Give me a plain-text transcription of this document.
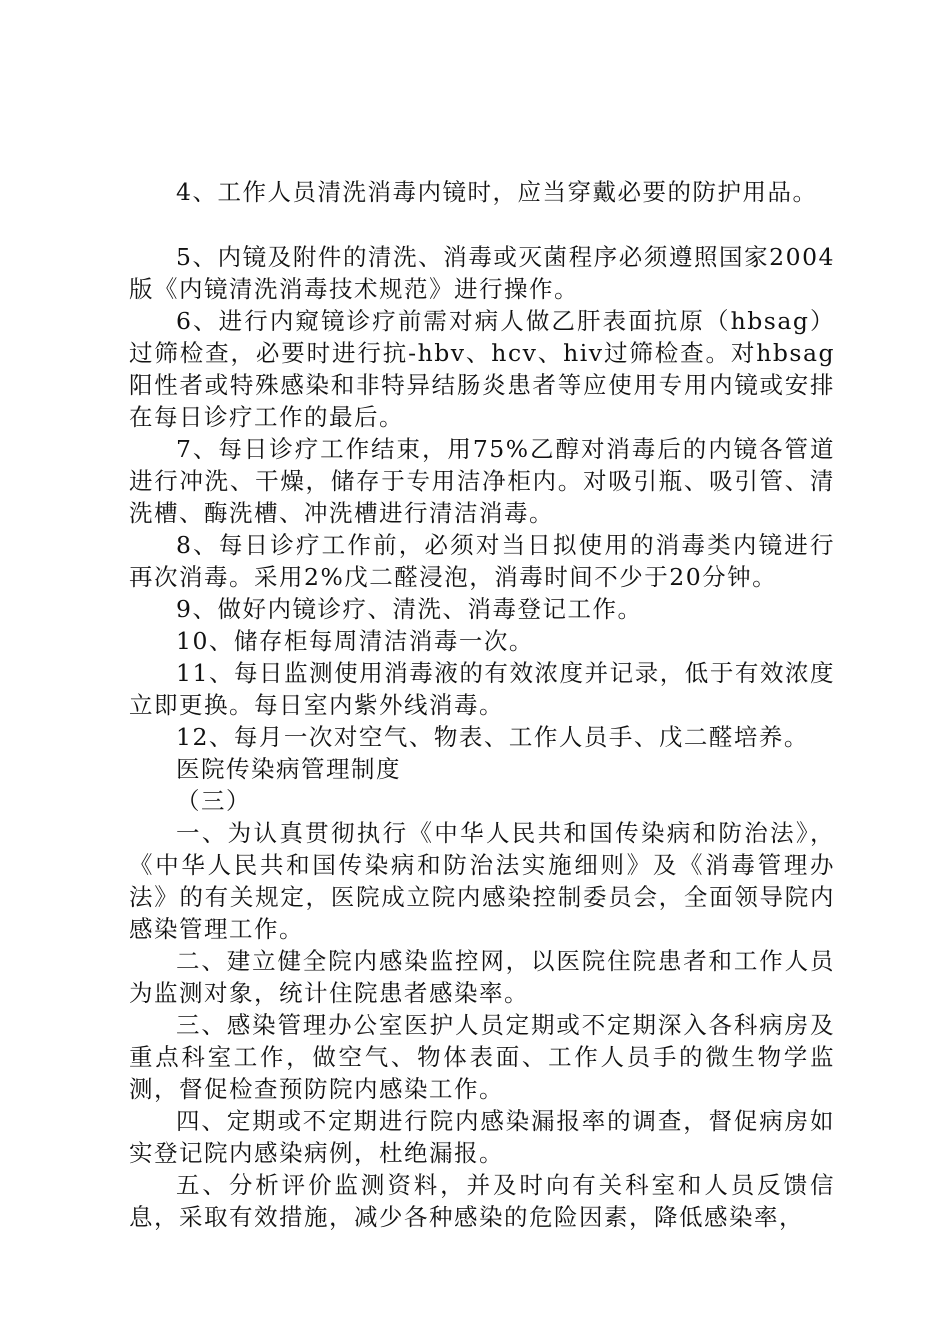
4、工作人员清洗消毒内镜时，应当穿戴必要的防护用品。

5、内镜及附件的清洗、消毒或灭菌程序必须遵照国家2004版《内镜清洗消毒技术规范》进行操作。

6、进行内窥镜诊疗前需对病人做乙肝表面抗原（hbsag）过筛检查，必要时进行抗-hbv、hcv、hiv过筛检查。对hbsag阳性者或特殊感染和非特异结肠炎患者等应使用专用内镜或安排在每日诊疗工作的最后。

7、每日诊疗工作结束，用75%乙醇对消毒后的内镜各管道进行冲洗、干燥，储存于专用洁净柜内。对吸引瓶、吸引管、清洗槽、酶洗槽、冲洗槽进行清洁消毒。

8、每日诊疗工作前，必须对当日拟使用的消毒类内镜进行再次消毒。采用2%戊二醛浸泡，消毒时间不少于20分钟。

9、做好内镜诊疗、清洗、消毒登记工作。

10、储存柜每周清洁消毒一次。

11、每日监测使用消毒液的有效浓度并记录，低于有效浓度立即更换。每日室内紫外线消毒。

12、每月一次对空气、物表、工作人员手、戊二醛培养。

医院传染病管理制度

（三）

一、为认真贯彻执行《中华人民共和国传染病和防治法》，《中华人民共和国传染病和防治法实施细则》及《消毒管理办法》的有关规定，医院成立院内感染控制委员会，全面领导院内感染管理工作。

二、建立健全院内感染监控网，以医院住院患者和工作人员为监测对象，统计住院患者感染率。

三、感染管理办公室医护人员定期或不定期深入各科病房及重点科室工作，做空气、物体表面、工作人员手的微生物学监测，督促检查预防院内感染工作。

四、定期或不定期进行院内感染漏报率的调查，督促病房如实登记院内感染病例，杜绝漏报。

五、分析评价监测资料，并及时向有关科室和人员反馈信息，采取有效措施，减少各种感染的危险因素，降低感染率，
